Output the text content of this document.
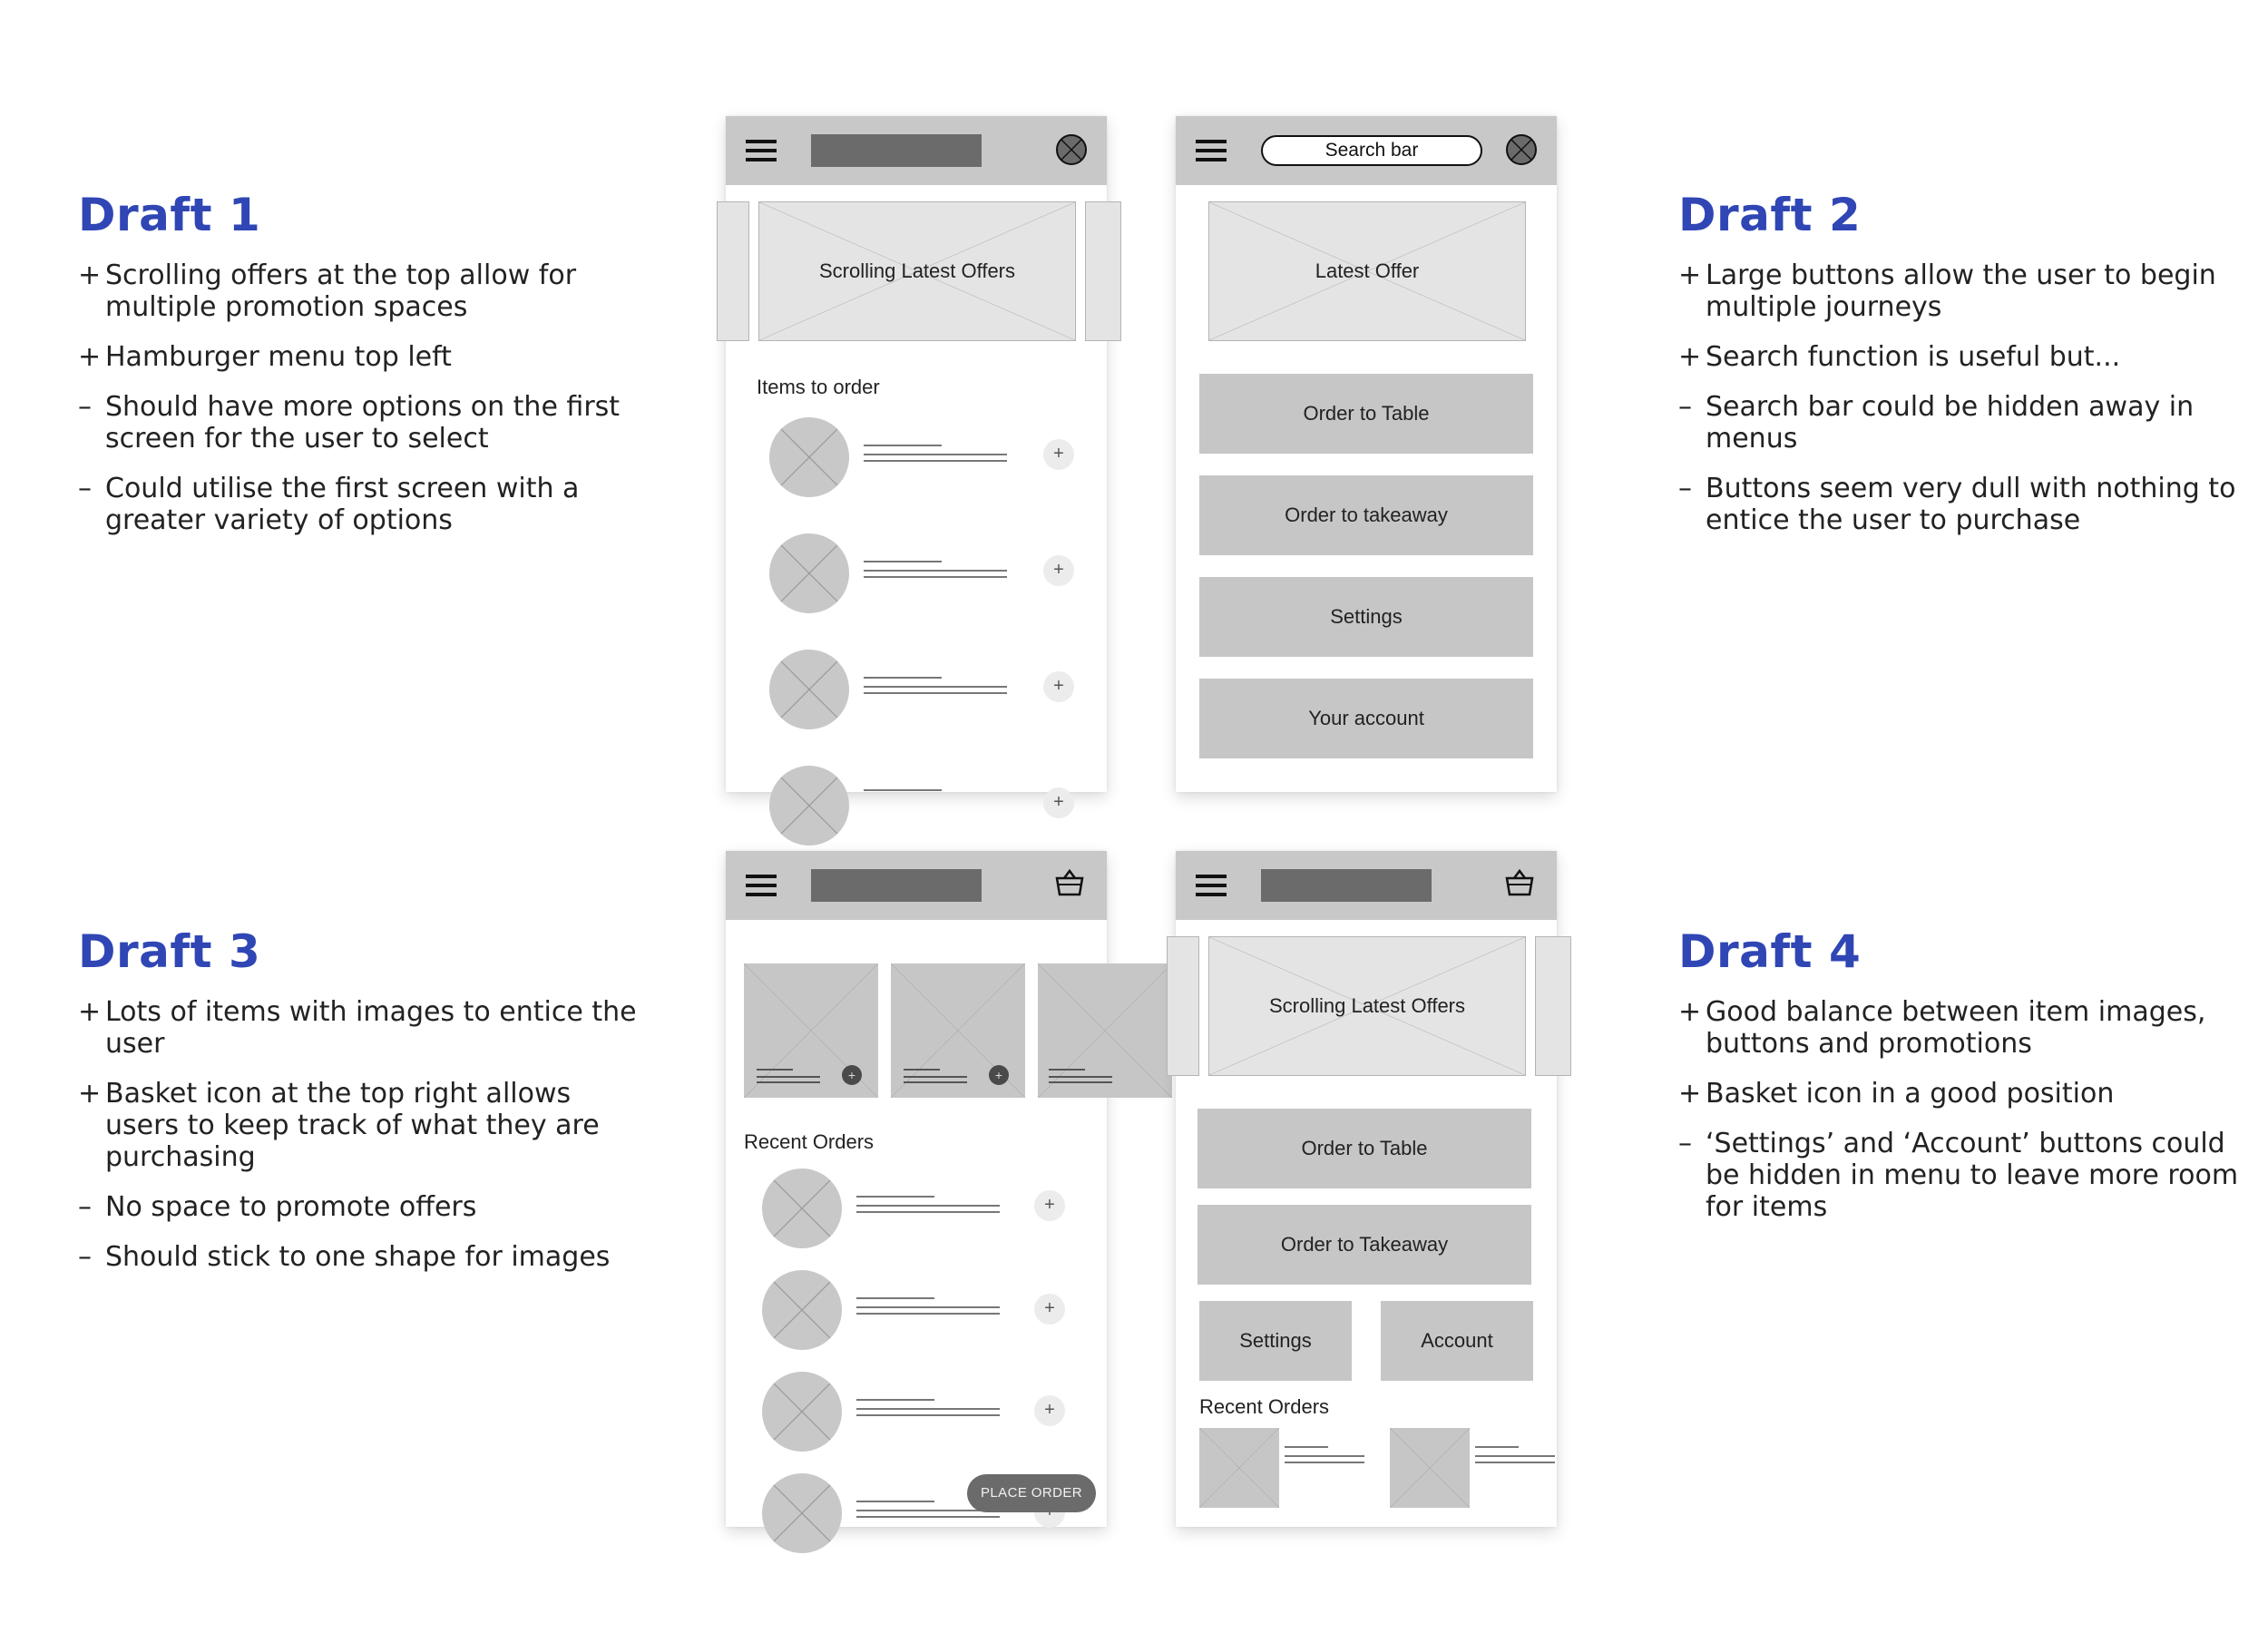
Draft 1
+ Scrolling offers at the top allow for multiple promotion spaces
+ Hamburger menu top left
– Should have more options on the first screen for the user to select
– Could utilise the first screen with a greater variety of options
Draft 2
+ Large buttons allow the user to begin multiple journeys
+ Search function is useful but...
– Search bar could be hidden away in menus
– Buttons seem very dull with nothing to entice the user to purchase
Draft 3
+ Lots of items with images to entice the user
+ Basket icon at the top right allows users to keep track of what they are purchasing
– No space to promote offers
– Should stick to one shape for images
Draft 4
+ Good balance between item images, buttons and promotions
+ Basket icon in a good position
– ‘Settings’ and ‘Account’ buttons could be hidden in menu to leave more room for items
Scrolling Latest Offers
Items to order
+
+
+
+
Search bar
Latest Offer
Order to Table
Order to takeaway
Settings
Your account
+	+
Recent Orders
+
+
+
PLACE ORDER
Scrolling Latest Offers
Order to Table
Order to Takeaway
Settings	Account
Recent Orders
